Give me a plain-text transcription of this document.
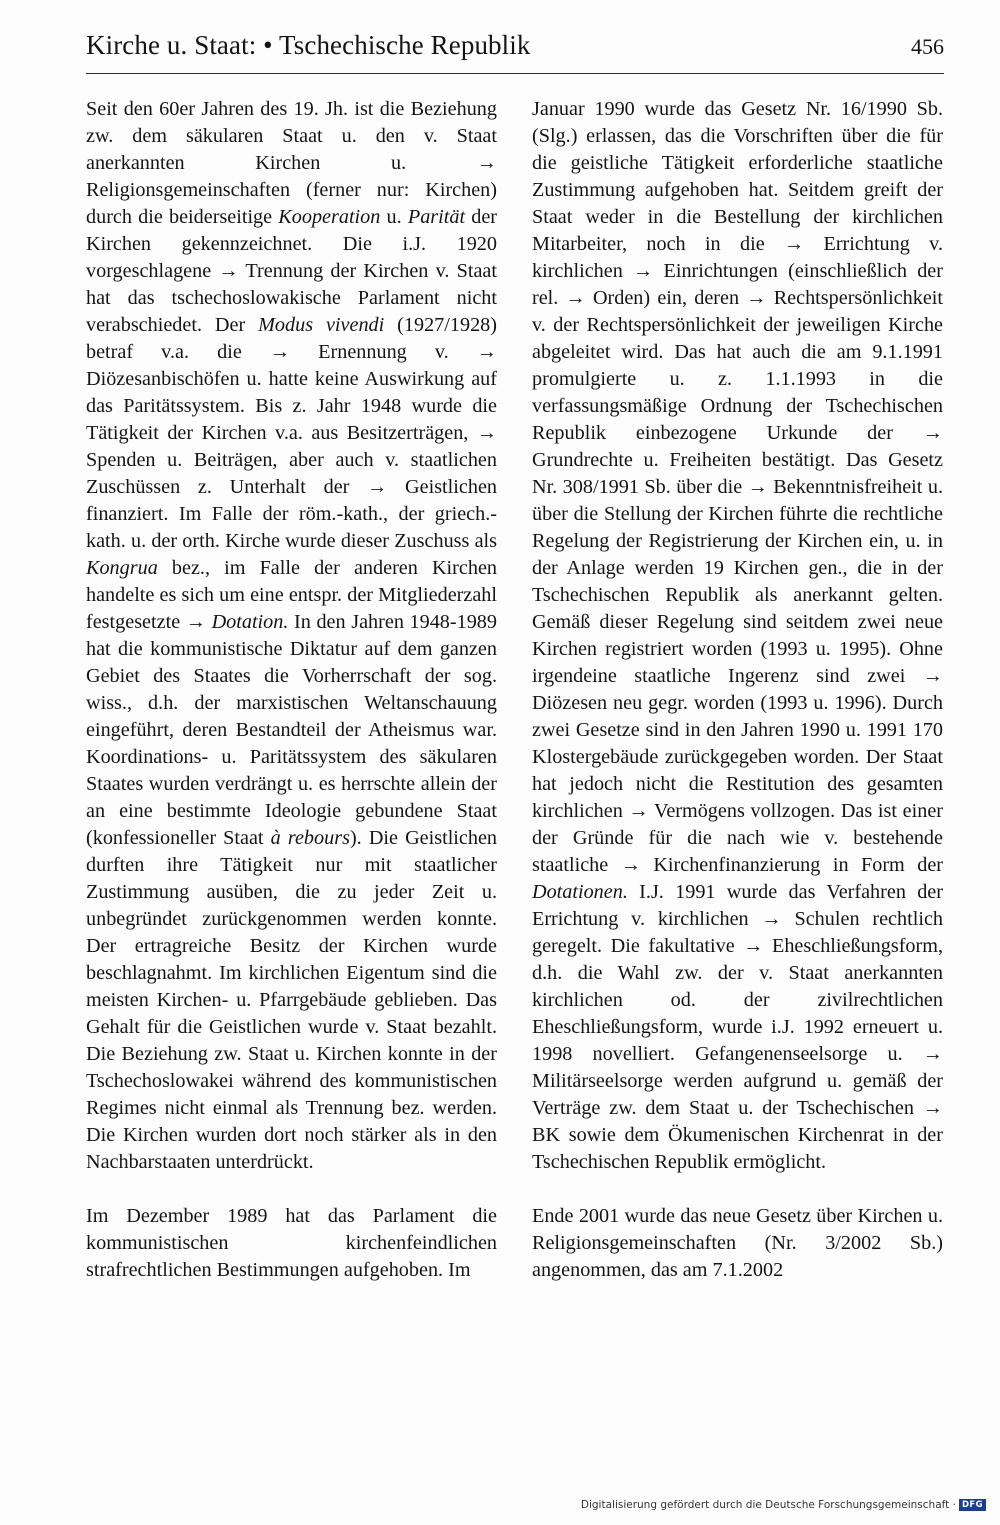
Kirche u. Staat: • Tschechische Republik	456

Seit den 60er Jahren des 19. Jh. ist die Beziehung zw. dem säkularen Staat u. den v. Staat anerkannten Kirchen u. → Religionsgemeinschaften (ferner nur: Kirchen) durch die beiderseitige Kooperation u. Parität der Kirchen gekennzeichnet. Die i.J. 1920 vorgeschlagene → Trennung der Kirchen v. Staat hat das tschechoslowakische Parlament nicht verabschiedet. Der Modus vivendi (1927/1928) betraf v.a. die → Ernennung v. → Diözesanbischöfen u. hatte keine Auswirkung auf das Paritätssystem. Bis z. Jahr 1948 wurde die Tätigkeit der Kirchen v.a. aus Besitzerträgen, → Spenden u. Beiträgen, aber auch v. staatlichen Zuschüssen z. Unterhalt der → Geistlichen finanziert. Im Falle der röm.-kath., der griech.-kath. u. der orth. Kirche wurde dieser Zuschuss als Kongrua bez., im Falle der anderen Kirchen handelte es sich um eine entspr. der Mitgliederzahl festgesetzte → Dotation. In den Jahren 1948-1989 hat die kommunistische Diktatur auf dem ganzen Gebiet des Staates die Vorherrschaft der sog. wiss., d.h. der marxistischen Weltanschauung eingeführt, deren Bestandteil der Atheismus war. Koordinations- u. Paritätssystem des säkularen Staates wurden verdrängt u. es herrschte allein der an eine bestimmte Ideologie gebundene Staat (konfessioneller Staat à rebours). Die Geistlichen durften ihre Tätigkeit nur mit staatlicher Zustimmung ausüben, die zu jeder Zeit u. unbegründet zurückgenommen werden konnte. Der ertragreiche Besitz der Kirchen wurde beschlagnahmt. Im kirchlichen Eigentum sind die meisten Kirchen- u. Pfarrgebäude geblieben. Das Gehalt für die Geistlichen wurde v. Staat bezahlt. Die Beziehung zw. Staat u. Kirchen konnte in der Tschechoslowakei während des kommunistischen Regimes nicht einmal als Trennung bez. werden. Die Kirchen wurden dort noch stärker als in den Nachbarstaaten unterdrückt.

Im Dezember 1989 hat das Parlament die kommunistischen kirchenfeindlichen strafrechtlichen Bestimmungen aufgehoben. Im

Januar 1990 wurde das Gesetz Nr. 16/1990 Sb. (Slg.) erlassen, das die Vorschriften über die für die geistliche Tätigkeit erforderliche staatliche Zustimmung aufgehoben hat. Seitdem greift der Staat weder in die Bestellung der kirchlichen Mitarbeiter, noch in die → Errichtung v. kirchlichen → Einrichtungen (einschließlich der rel. → Orden) ein, deren → Rechtspersönlichkeit v. der Rechtspersönlichkeit der jeweiligen Kirche abgeleitet wird. Das hat auch die am 9.1.1991 promulgierte u. z. 1.1.1993 in die verfassungsmäßige Ordnung der Tschechischen Republik einbezogene Urkunde der → Grundrechte u. Freiheiten bestätigt. Das Gesetz Nr. 308/1991 Sb. über die → Bekenntnisfreiheit u. über die Stellung der Kirchen führte die rechtliche Regelung der Registrierung der Kirchen ein, u. in der Anlage werden 19 Kirchen gen., die in der Tschechischen Republik als anerkannt gelten. Gemäß dieser Regelung sind seitdem zwei neue Kirchen registriert worden (1993 u. 1995). Ohne irgendeine staatliche Ingerenz sind zwei → Diözesen neu gegr. worden (1993 u. 1996). Durch zwei Gesetze sind in den Jahren 1990 u. 1991 170 Klostergebäude zurückgegeben worden. Der Staat hat jedoch nicht die Restitution des gesamten kirchlichen → Vermögens vollzogen. Das ist einer der Gründe für die nach wie v. bestehende staatliche → Kirchenfinanzierung in Form der Dotationen. I.J. 1991 wurde das Verfahren der Errichtung v. kirchlichen → Schulen rechtlich geregelt. Die fakultative → Eheschließungsform, d.h. die Wahl zw. der v. Staat anerkannten kirchlichen od. der zivilrechtlichen Eheschließungsform, wurde i.J. 1992 erneuert u. 1998 novelliert. Gefangenenseelsorge u. → Militärseelsorge werden aufgrund u. gemäß der Verträge zw. dem Staat u. der Tschechischen → BK sowie dem Ökumenischen Kirchenrat in der Tschechischen Republik ermöglicht.

Ende 2001 wurde das neue Gesetz über Kirchen u. Religionsgemeinschaften (Nr. 3/2002 Sb.) angenommen, das am 7.1.2002

Digitalisierung gefördert durch die Deutsche Forschungsgemeinschaft · DFG
